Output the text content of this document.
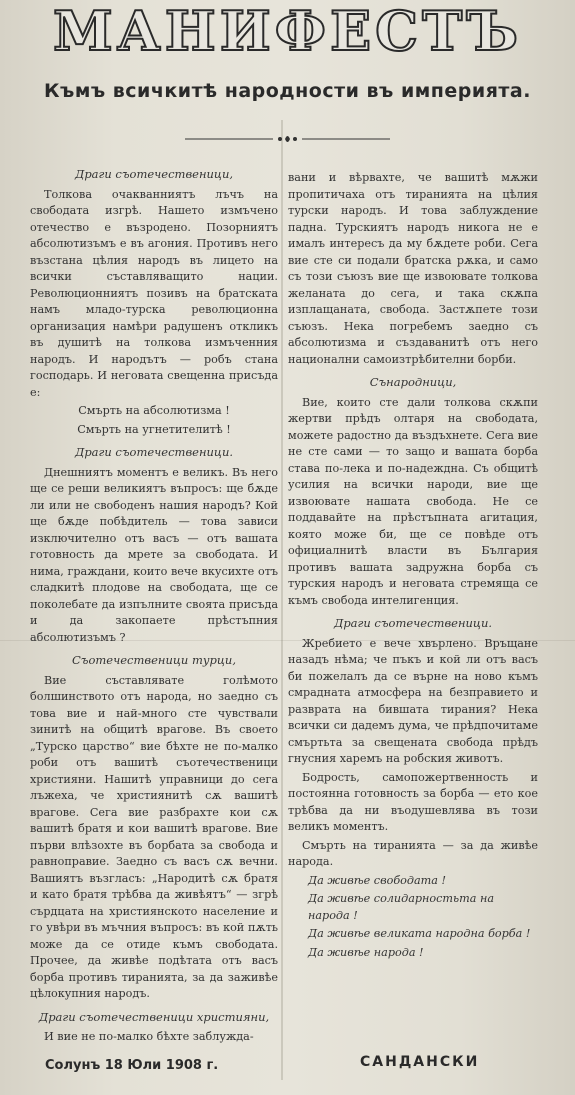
МАНИФЕСТЪ
Къмъ всичкитѣ народности въ империята.

Драги съотечественици,

Толкова очакванниятъ лъчъ на свободата изгрѣ. Нашето измъчено отечество е възродено. Позорниятъ абсолютизъмъ е въ агония. Противъ него възстана цѣлия народъ въ лицето на всички съставляващито нации. Революционниятъ позивъ на братската намъ младо-турска революционна организация намѣри радушенъ откликъ въ душитѣ на толкова измъченния народъ. И народътъ — робъ стана господарь. И неговата свещенна присъда е:

Смърть на абсолютизма !

Смърть на угнетителитѣ !

Драги съотечественици.

Днешниятъ моментъ е великъ. Въ него ще се реши великиятъ въпросъ: ще бѫде ли или не свободенъ нашия народъ? Кой ще бѫде побѣдитель — това зависи изключително отъ васъ — отъ вашата готовность да мрете за свободата. И нима, граждани, които вече вкусихте отъ сладкитѣ плодове на свободата, ще се поколебате да изпълните своята присъда и да закопаете прѣстъпния абсолютизъмъ ?

Съотечественици турци,

Вие съставлявате голѣмото болшинството отъ народа, но заедно съ това вие и най-много сте чувствали зинитѣ на общитѣ врагове. Въ своето „Турско царство“ вие бѣхте не по-малко роби отъ вашитѣ съотечественици християни. Нашитѣ управници до сега лъжеха, че християнитѣ сѫ вашитѣ врагове. Сега вие разбрахте кои сѫ вашитѣ братя и кои вашитѣ врагове. Вие първи влѣзохте въ борбата за свобода и равноправие. Заедно съ васъ сѫ вечни. Вашиятъ възгласъ: „Народитѣ сѫ братя и като братя трѣбва да живѣятъ“ — згрѣ сърдцата на християнското население и го увѣри въ мъчния въпросъ: въ кой пѫть може да се отиде къмъ свободата. Прочее, да живѣе подѣтата отъ васъ борба противъ тиранията, за да заживѣе цѣлокупния народъ.

Драги съотечественици християни,

И вие не по-малко бѣхте заблуждa-

вани и вѣрвахте, че вашитѣ мѫжи пропитичаха отъ тиранията на цѣлия турски народъ. И това заблуждение падна. Турскиятъ народъ никога не е ималъ интересъ да му бѫдете роби. Сега вие сте си подали братска рѫка, и само съ този съюзъ вие ще извоювате толкова желаната до сега, и така скѫпа изплащаната, свобода. Застѫпете този съюзъ. Нека погребемъ заедно съ абсолютизма и създаванитѣ отъ него национални самоизтрѣбителни борби.

Сънародници,

Вие, които сте дали толкова скѫпи жертви прѣдъ олтаря на свободата, можете радостно да въздъхнете. Сега вие не сте сами — то защо и вашата борба става по-лека и по-надеждна. Съ общитѣ усилия на всички народи, вие ще извоювате нашата свобода. Не се поддавайте на прѣстъпната агитация, която може би, ще се повѣде отъ официалнитѣ власти въ България противъ вашата задружна борба съ турския народъ и неговата стремяща се къмъ свобода интелигенция.

Драги съотечественици.

Жребието е вече хвърлено. Връщане назадъ нѣма; че пъкъ и кой ли отъ васъ би пожелалъ да се върне на ново къмъ смрадната атмосфера на безправието и развратa на бившата тирания? Нека всички си дадемъ дума, че прѣдпочитаме смъртьта за свещената свобода прѣдъ гнусния харемъ на робския животъ.

Бодрость, самопожертвенность и постоянна готовность за борба — ето кое трѣбва да ни въодушевлява въ този великъ моментъ.

Смърть на тиранията — за да живѣе народа.

Да живѣе свободата !

Да живѣе солидарностьта на народа !

Да живѣе великата народна борба !

Да живѣе народа !

Солунъ 18 Юли 1908 г.	САНДАНСКИ
